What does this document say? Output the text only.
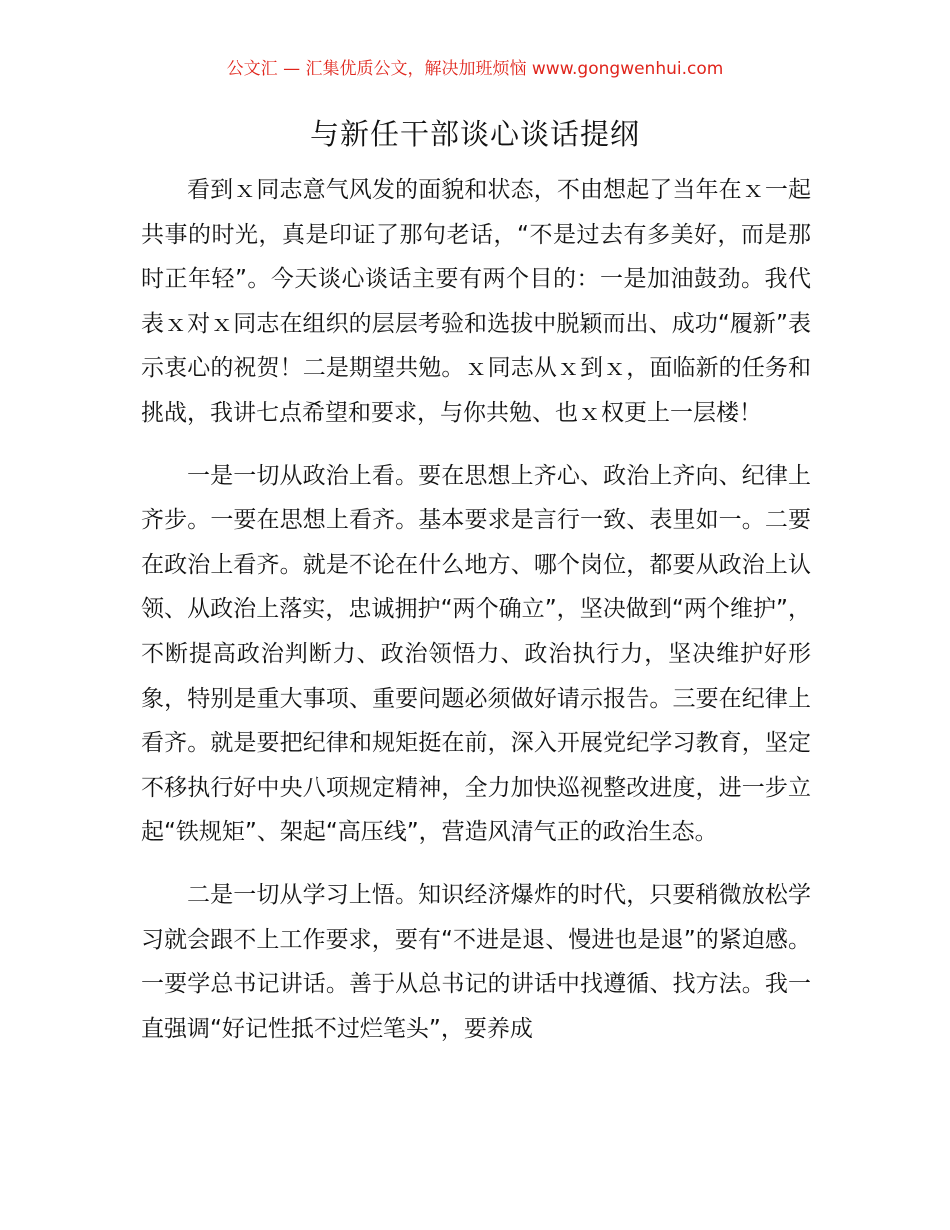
公文汇 — 汇集优质公文，解决加班烦恼 www.gongwenhui.com
与新任干部谈心谈话提纲

看到ｘ同志意气风发的面貌和状态，不由想起了当年在ｘ一起共事的时光，真是印证了那句老话，“不是过去有多美好，而是那时正年轻”。今天谈心谈话主要有两个目的：一是加油鼓劲。我代表ｘ对ｘ同志在组织的层层考验和选拔中脱颖而出、成功“履新”表示衷心的祝贺！二是期望共勉。ｘ同志从ｘ到ｘ，面临新的任务和挑战，我讲七点希望和要求，与你共勉、也ｘ权更上一层楼！

一是一切从政治上看。要在思想上齐心、政治上齐向、纪律上齐步。一要在思想上看齐。基本要求是言行一致、表里如一。二要在政治上看齐。就是不论在什么地方、哪个岗位，都要从政治上认领、从政治上落实，忠诚拥护“两个确立”，坚决做到“两个维护”，不断提高政治判断力、政治领悟力、政治执行力，坚决维护好形象，特别是重大事项、重要问题必须做好请示报告。三要在纪律上看齐。就是要把纪律和规矩挺在前，深入开展党纪学习教育，坚定不移执行好中央八项规定精神，全力加快巡视整改进度，进一步立起“铁规矩”、架起“高压线”，营造风清气正的政治生态。

二是一切从学习上悟。知识经济爆炸的时代，只要稍微放松学习就会跟不上工作要求，要有“不进是退、慢进也是退”的紧迫感。一要学总书记讲话。善于从总书记的讲话中找遵循、找方法。我一直强调“好记性抵不过烂笔头”，要养成
